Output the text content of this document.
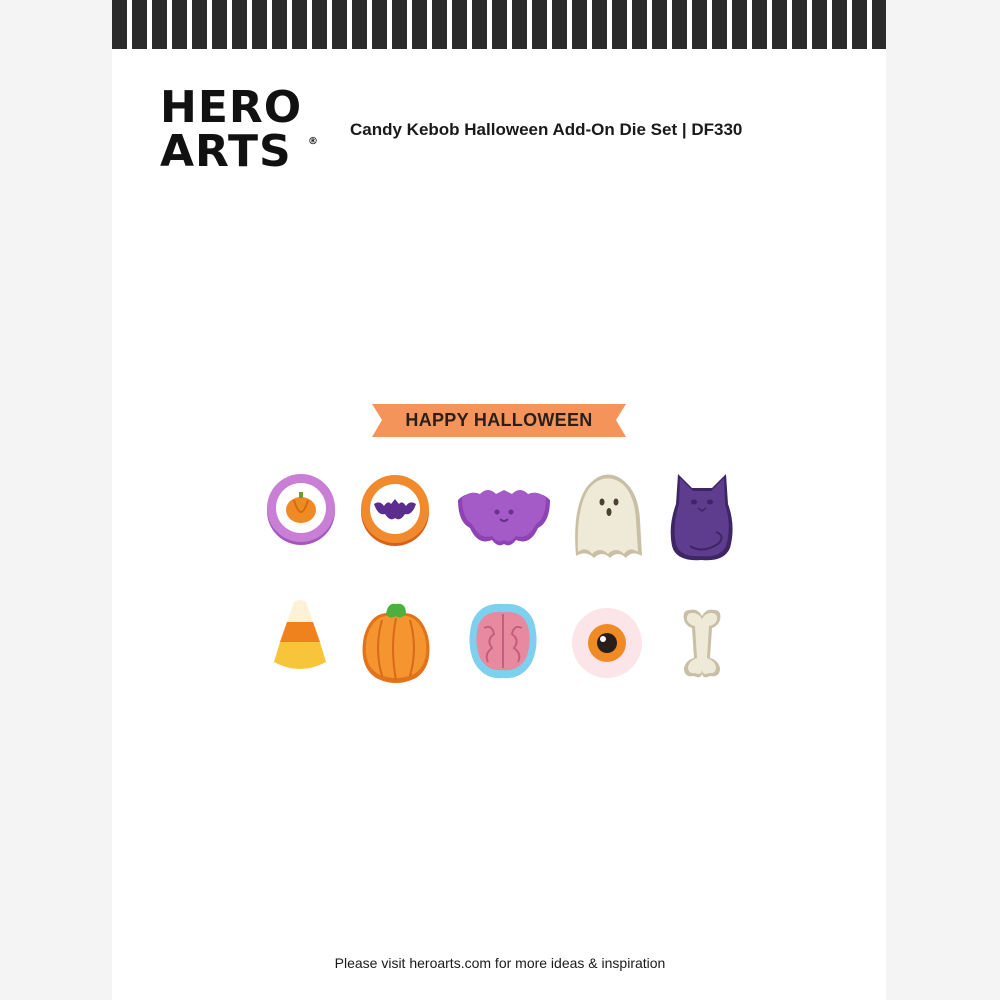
HERO
ARTS	®
Candy Kebob Halloween Add-On Die Set | DF330
HAPPY HALLOWEEN
Please visit heroarts.com for more ideas & inspiration
